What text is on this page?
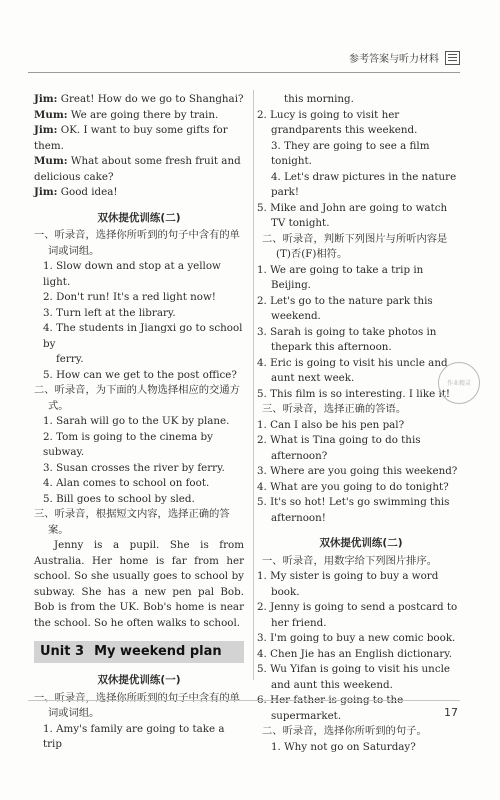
参考答案与听力材料

Jim: Great! How do we go to Shanghai?

Mum: We are going there by train.

Jim: OK. I want to buy some gifts for them.

Mum: What about some fresh fruit and delicious cake?

Jim: Good idea!

双休提优训练(二)

一、听录音，选择你所听到的句子中含有的单词或词组。

1. Slow down and stop at a yellow light.

2. Don't run! It's a red light now!

3. Turn left at the library.

4. The students in Jiangxi go to school by

ferry.

5. How can we get to the post office?

二、听录音，为下面的人物选择相应的交通方式。

1. Sarah will go to the UK by plane.

2. Tom is going to the cinema by subway.

3. Susan crosses the river by ferry.

4. Alan comes to school on foot.

5. Bill goes to school by sled.

三、听录音，根据短文内容，选择正确的答案。

Jenny is a pupil. She is from Australia. Her home is far from her school. So she usually goes to school by subway. She has a new pen pal Bob. Bob is from the UK. Bob's home is near the school. So he often walks to school.

Unit 3 My weekend plan
双休提优训练(一)

一、听录音，选择你所听到的句子中含有的单词或词组。

1. Amy's family are going to take a trip

this morning.

2. Lucy is going to visit her grandparents this weekend.

3. They are going to see a film tonight.

4. Let's draw pictures in the nature park!

5. Mike and John are going to watch TV tonight.

二、听录音，判断下列图片与所听内容是(T)否(F)相符。

1. We are going to take a trip in Beijing.

2. Let's go to the nature park this weekend.

3. Sarah is going to take photos in thepark this afternoon.

4. Eric is going to visit his uncle and aunt next week.

5. This film is so interesting. I like it!

三、听录音，选择正确的答语。

1. Can I also be his pen pal?

2. What is Tina going to do this afternoon?

3. Where are you going this weekend?

4. What are you going to do tonight?

5. It's so hot! Let's go swimming this afternoon!

双休提优训练(二)

一、听录音，用数字给下列图片排序。

1. My sister is going to buy a word book.

2. Jenny is going to send a postcard to her friend.

3. I'm going to buy a new comic book.

4. Chen Jie has an English dictionary.

5. Wu Yifan is going to visit his uncle and aunt this weekend.

6. Her father is going to the supermarket.

二、听录音，选择你所听到的句子。

1. Why not go on Saturday?

作业精灵
17
